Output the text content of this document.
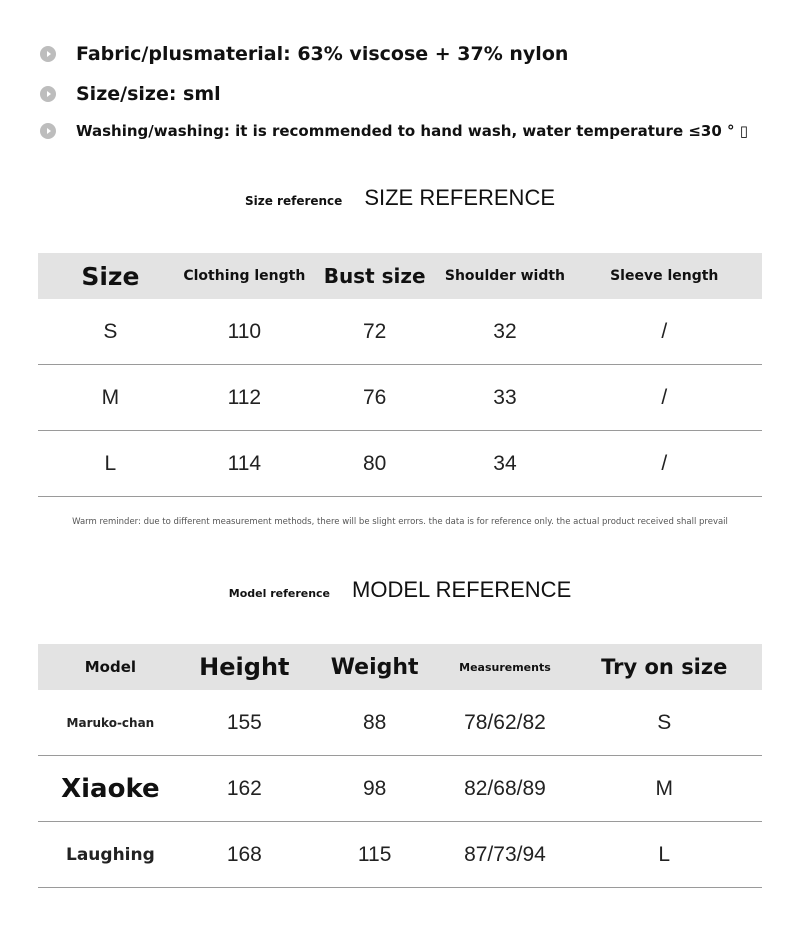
Fabric/plusmaterial: 63% viscose + 37% nylon
Size/size: sml
Washing/washing: it is recommended to hand wash, water temperature ≤30 ° ▯
Size reference SIZE REFERENCE
Size	Clothing length	Bust size	Shoulder width	Sleeve length
S	110	72	32	/
M	112	76	33	/
L	114	80	34	/
Warm reminder: due to different measurement methods, there will be slight errors. the data is for reference only. the actual product received shall prevail
Model reference MODEL REFERENCE
Model	Height	Weight	Measurements	Try on size
Maruko-chan	155	88	78/62/82	S
Xiaoke	162	98	82/68/89	M
Laughing	168	115	87/73/94	L
